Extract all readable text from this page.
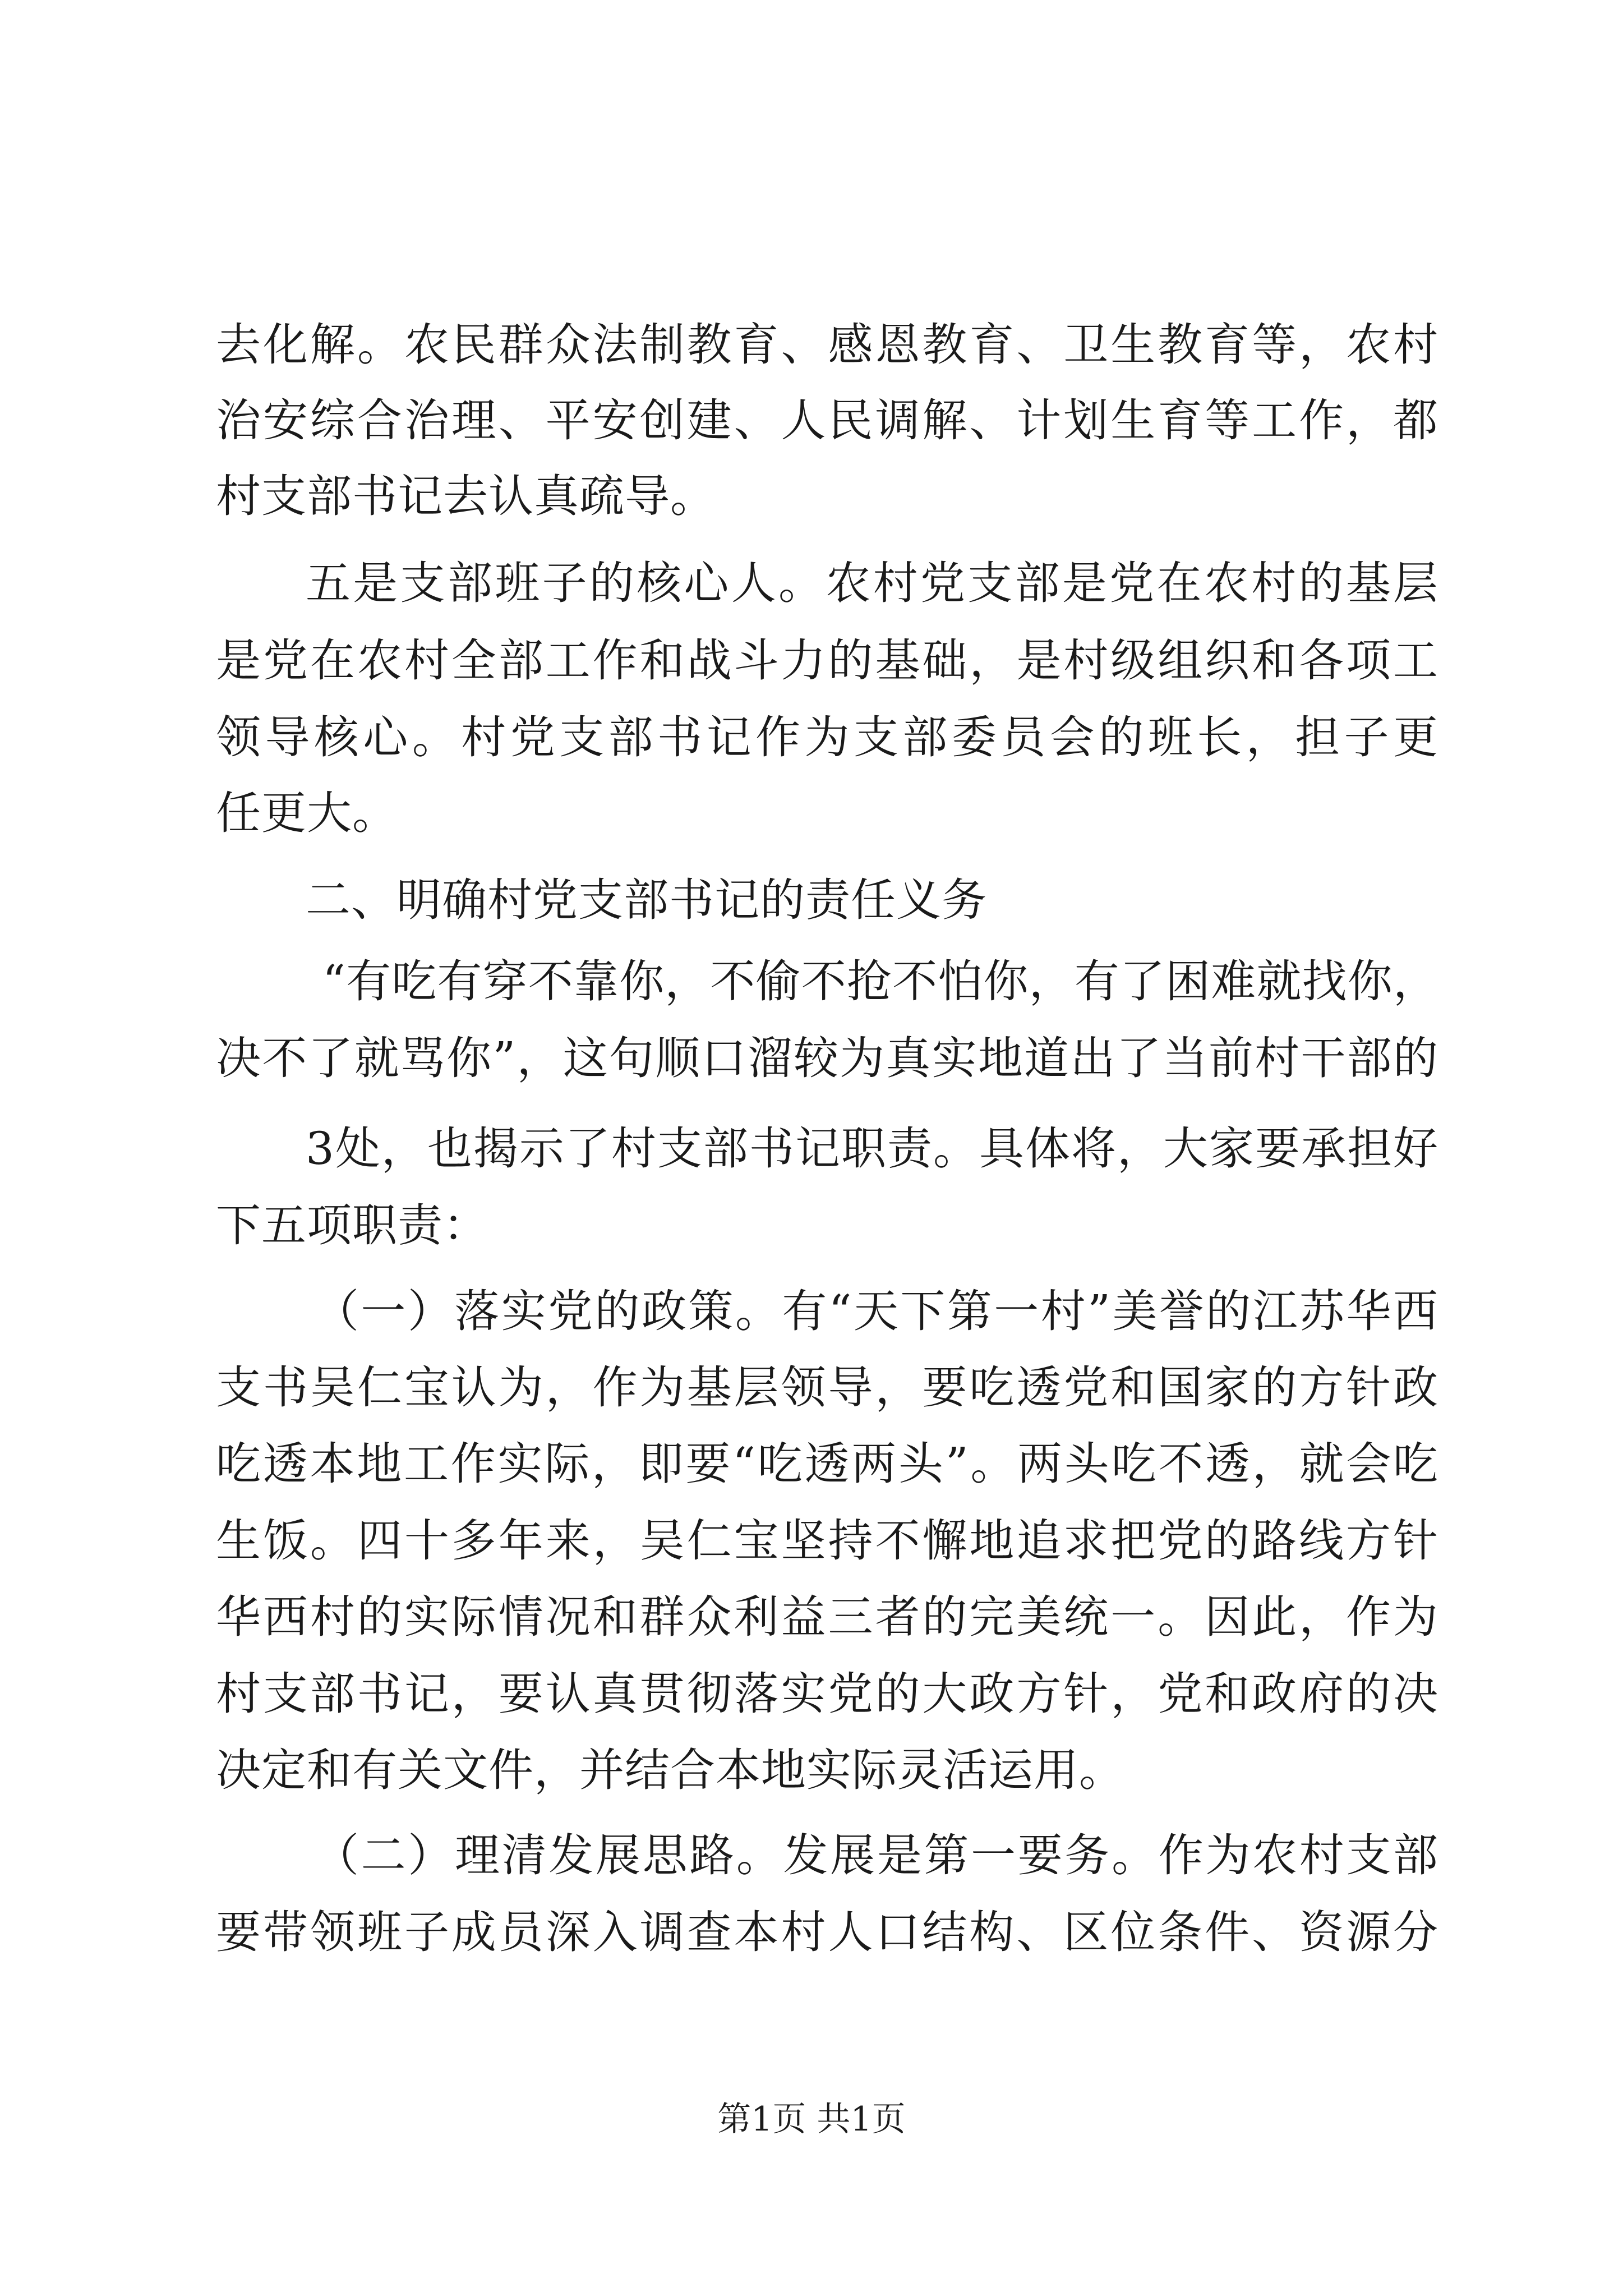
去化解。农民群众法制教育、感恩教育、卫生教育等，农村
治安综合治理、平安创建、人民调解、计划生育等工作，都
村支部书记去认真疏导。
五是支部班子的核心人。农村党支部是党在农村的基层
是党在农村全部工作和战斗力的基础，是村级组织和各项工
领导核心。村党支部书记作为支部委员会的班长，担子更
任更大。
二、明确村党支部书记的责任义务
“有吃有穿不靠你，不偷不抢不怕你，有了困难就找你，
决不了就骂你”，这句顺口溜较为真实地道出了当前村干部的
3处，也揭示了村支部书记职责。具体将，大家要承担好
下五项职责：
（一）落实党的政策。有“天下第一村”美誉的江苏华西
支书吴仁宝认为，作为基层领导，要吃透党和国家的方针政
吃透本地工作实际，即要“吃透两头”。两头吃不透，就会吃
生饭。四十多年来，吴仁宝坚持不懈地追求把党的路线方针
华西村的实际情况和群众利益三者的完美统一。因此，作为
村支部书记，要认真贯彻落实党的大政方针，党和政府的决
决定和有关文件，并结合本地实际灵活运用。
（二）理清发展思路。发展是第一要务。作为农村支部
要带领班子成员深入调查本村人口结构、区位条件、资源分
第1页 共1页
